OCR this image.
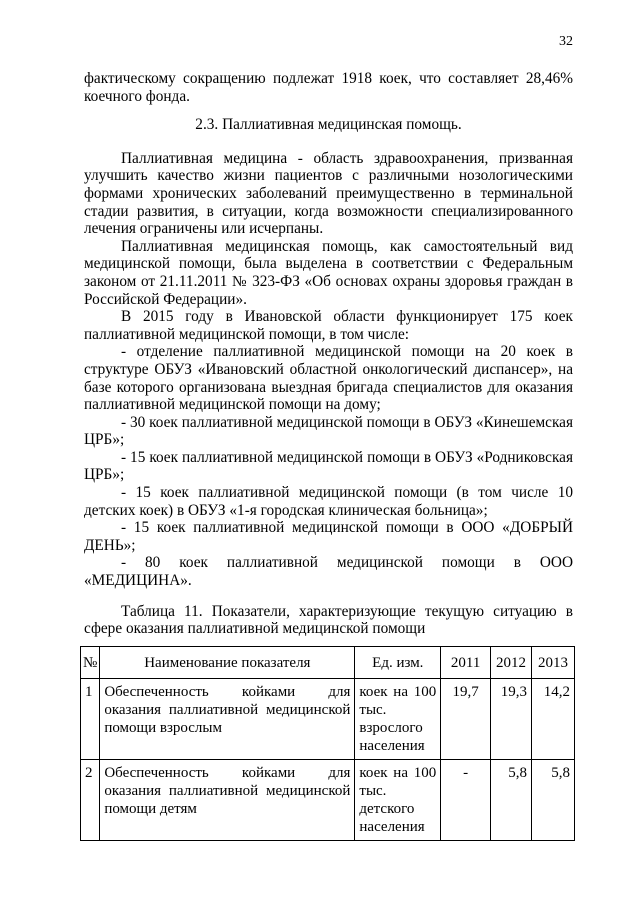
32
фактическому сокращению подлежат 1918 коек, что составляет 28,46%
коечного фонда.
2.3. Паллиативная медицинская помощь.
Паллиативная медицина - область здравоохранения, призванная
улучшить качество жизни пациентов с различными нозологическими
формами хронических заболеваний преимущественно в терминальной
стадии развития, в ситуации, когда возможности специализированного
лечения ограничены или исчерпаны.
Паллиативная медицинская помощь, как самостоятельный вид
медицинской помощи, была выделена в соответствии с Федеральным
законом от 21.11.2011 № 323-ФЗ «Об основах охраны здоровья граждан в
Российской Федерации».
В 2015 году в Ивановской области функционирует 175 коек
паллиативной медицинской помощи, в том числе:
- отделение паллиативной медицинской помощи на 20 коек в
структуре ОБУЗ «Ивановский областной онкологический диспансер», на
базе которого организована выездная бригада специалистов для оказания
паллиативной медицинской помощи на дому;
- 30 коек паллиативной медицинской помощи в ОБУЗ «Кинешемская
ЦРБ»;
- 15 коек паллиативной медицинской помощи в ОБУЗ «Родниковская
ЦРБ»;
- 15 коек паллиативной медицинской помощи (в том числе 10
детских коек) в ОБУЗ «1-я городская клиническая больница»;
- 15 коек паллиативной медицинской помощи в ООО «ДОБРЫЙ
ДЕНЬ»;
- 80 коек паллиативной медицинской помощи в ООО
«МЕДИЦИНА».
Таблица 11. Показатели, характеризующие текущую ситуацию в
сфере оказания паллиативной медицинской помощи
№	Наименование показателя	Ед. изм.	2011	2012	2013
1	Обеспеченность койками для
оказания паллиативной медицинской
помощи взрослым	коек на 100
тыс.
взрослого
населения	19,7	19,3	14,2
2	Обеспеченность койками для
оказания паллиативной медицинской
помощи детям	коек на 100
тыс.
детского
населения	-	5,8	5,8
